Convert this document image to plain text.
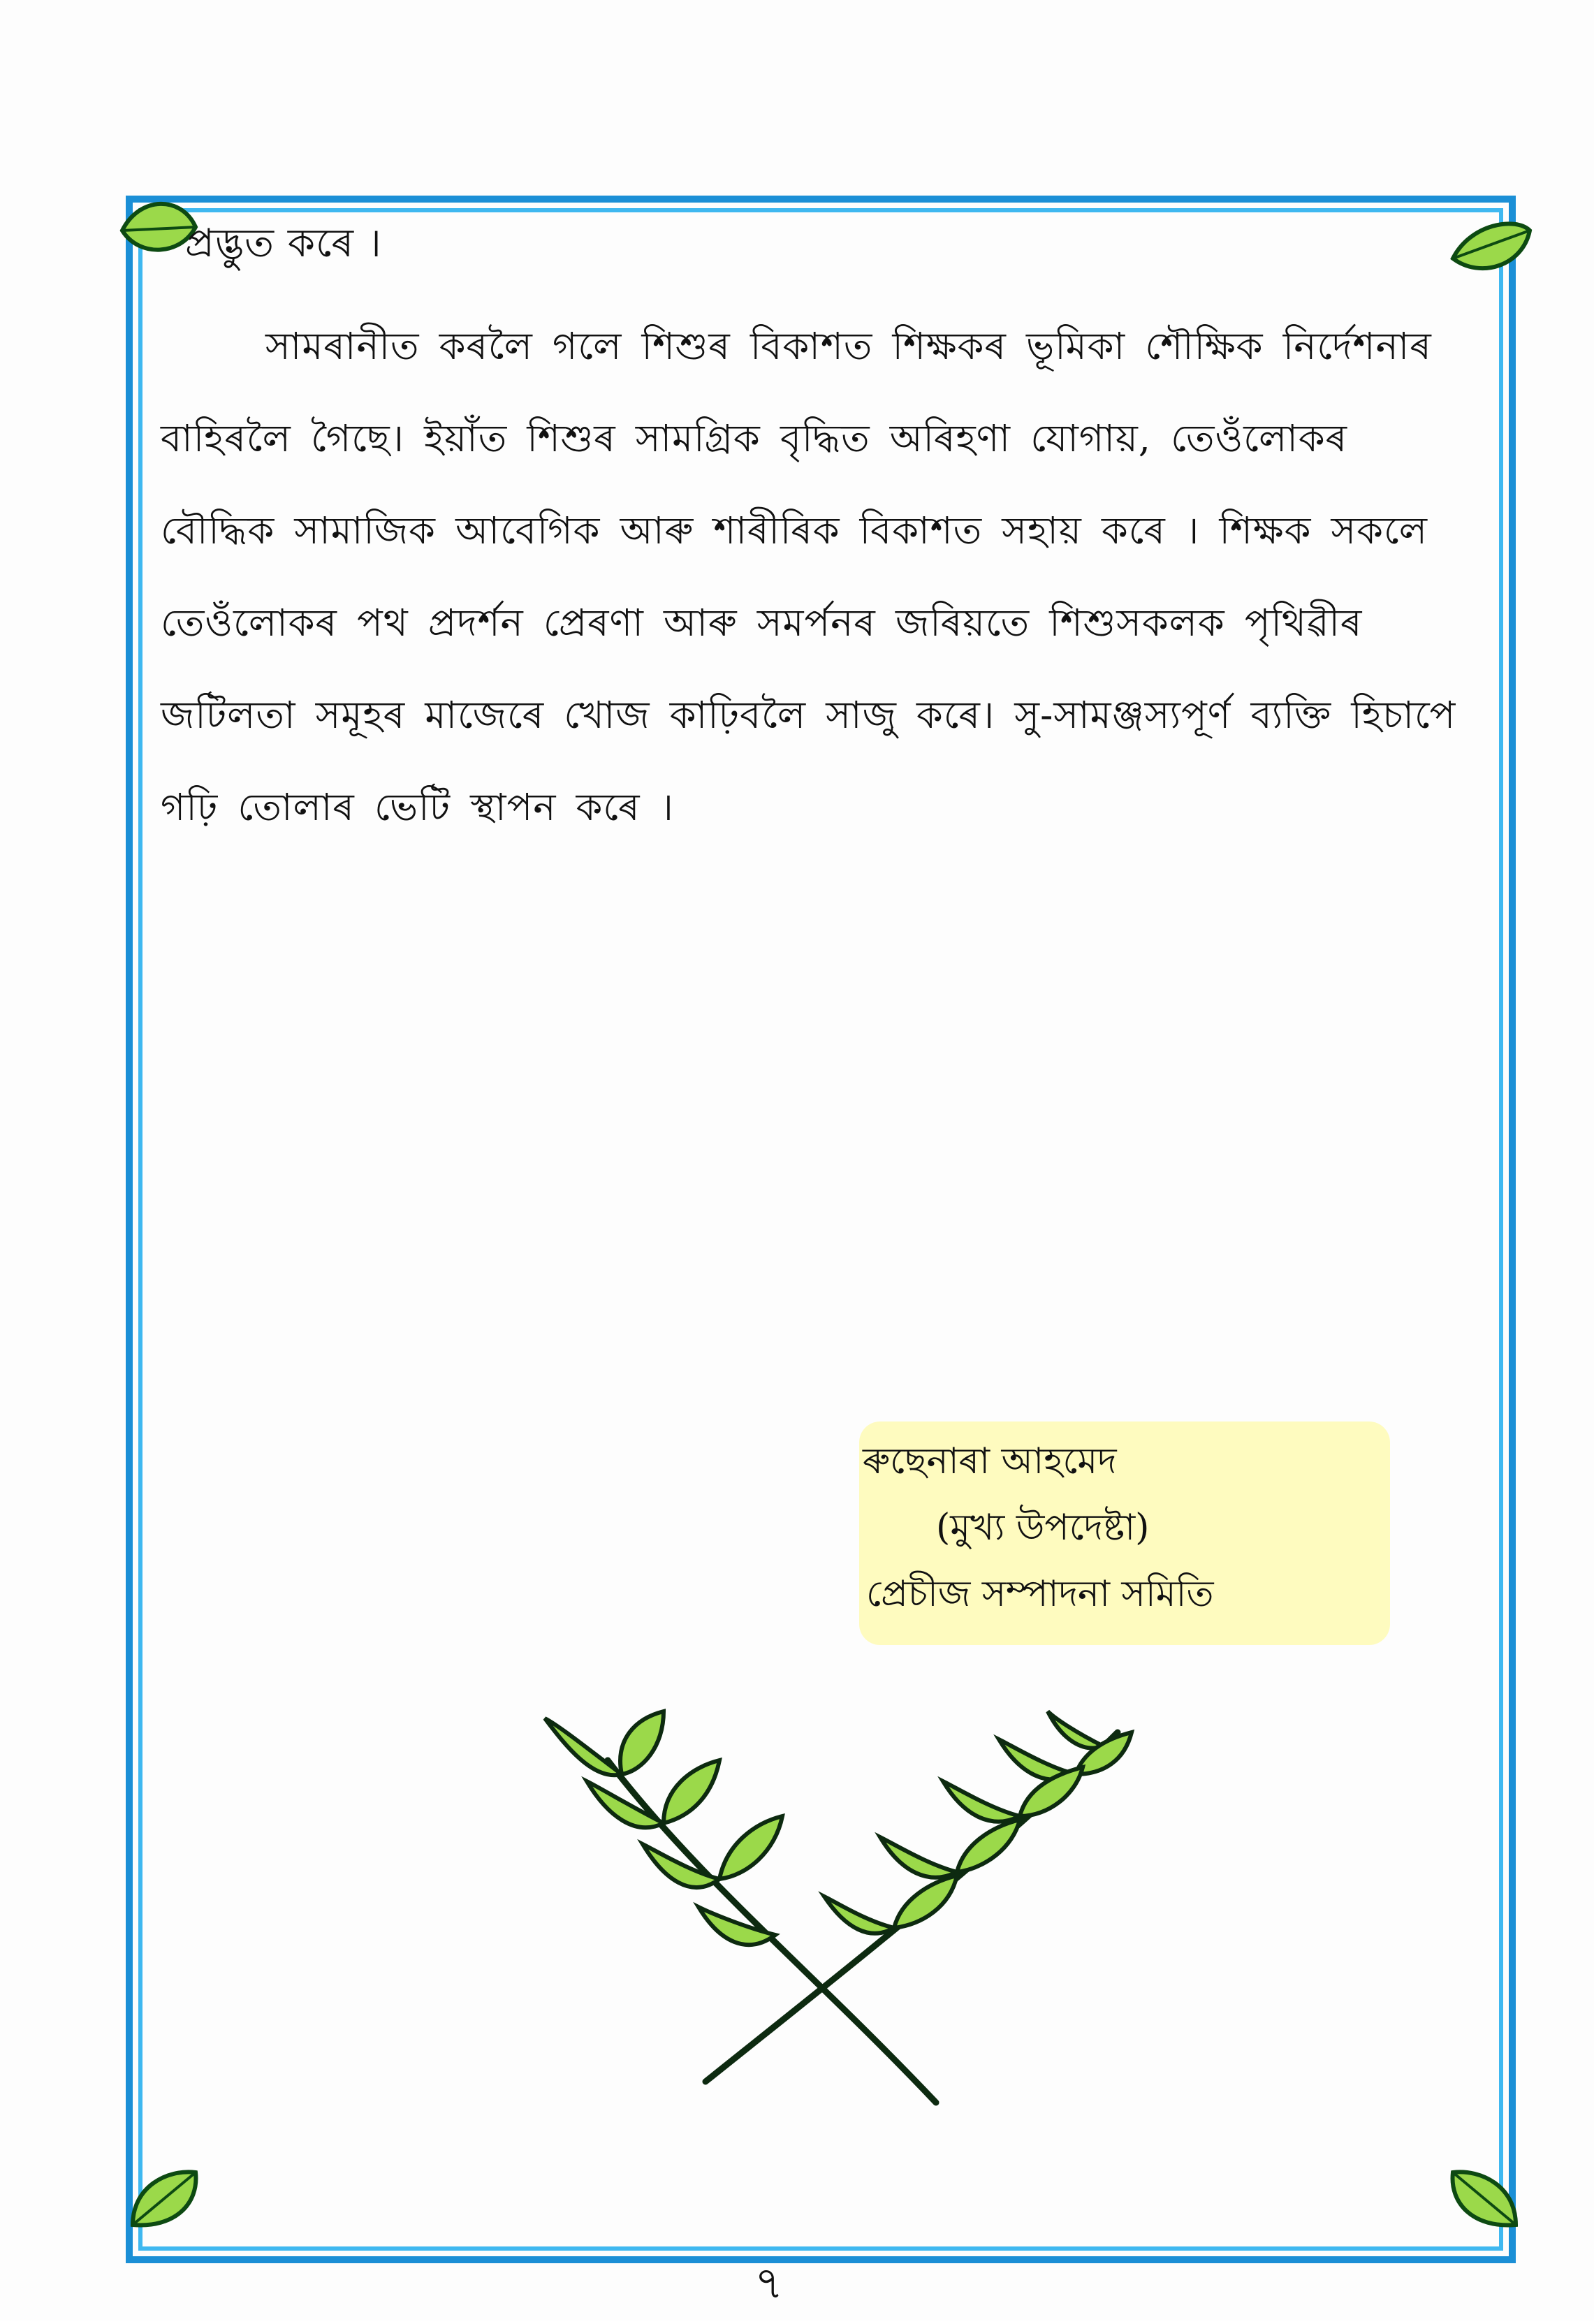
প্ৰদ্ভুত কৰে ।
সামৰানীত কৰলৈ গলে শিশুৰ বিকাশত শিক্ষকৰ ভূমিকা শৌক্ষিক নিৰ্দেশনাৰ বাহিৰলৈ গৈছে। ইয়াঁত শিশুৰ সামগ্ৰিক বৃদ্ধিত অৰিহণা যোগায়, তেওঁলোকৰ বৌদ্ধিক সামাজিক আবেগিক আৰু শাৰীৰিক বিকাশত সহায় কৰে । শিক্ষক সকলে তেওঁলোকৰ পথ প্ৰদৰ্শন প্ৰেৰণা আৰু সমৰ্পনৰ জৰিয়তে শিশুসকলক পৃথিৱীৰ জটিলতা সমূহৰ মাজেৰে খোজ কাঢ়িবলৈ সাজু কৰে। সু-সামঞ্জস্যপূৰ্ণ ব্যক্তি হিচাপে গঢ়ি তোলাৰ ভেটি স্থাপন কৰে ।
ৰুছেনাৰা আহমেদ
(মুখ্য উপদেষ্টা)
প্ৰেচীজ সম্পাদনা সমিতি
৭
